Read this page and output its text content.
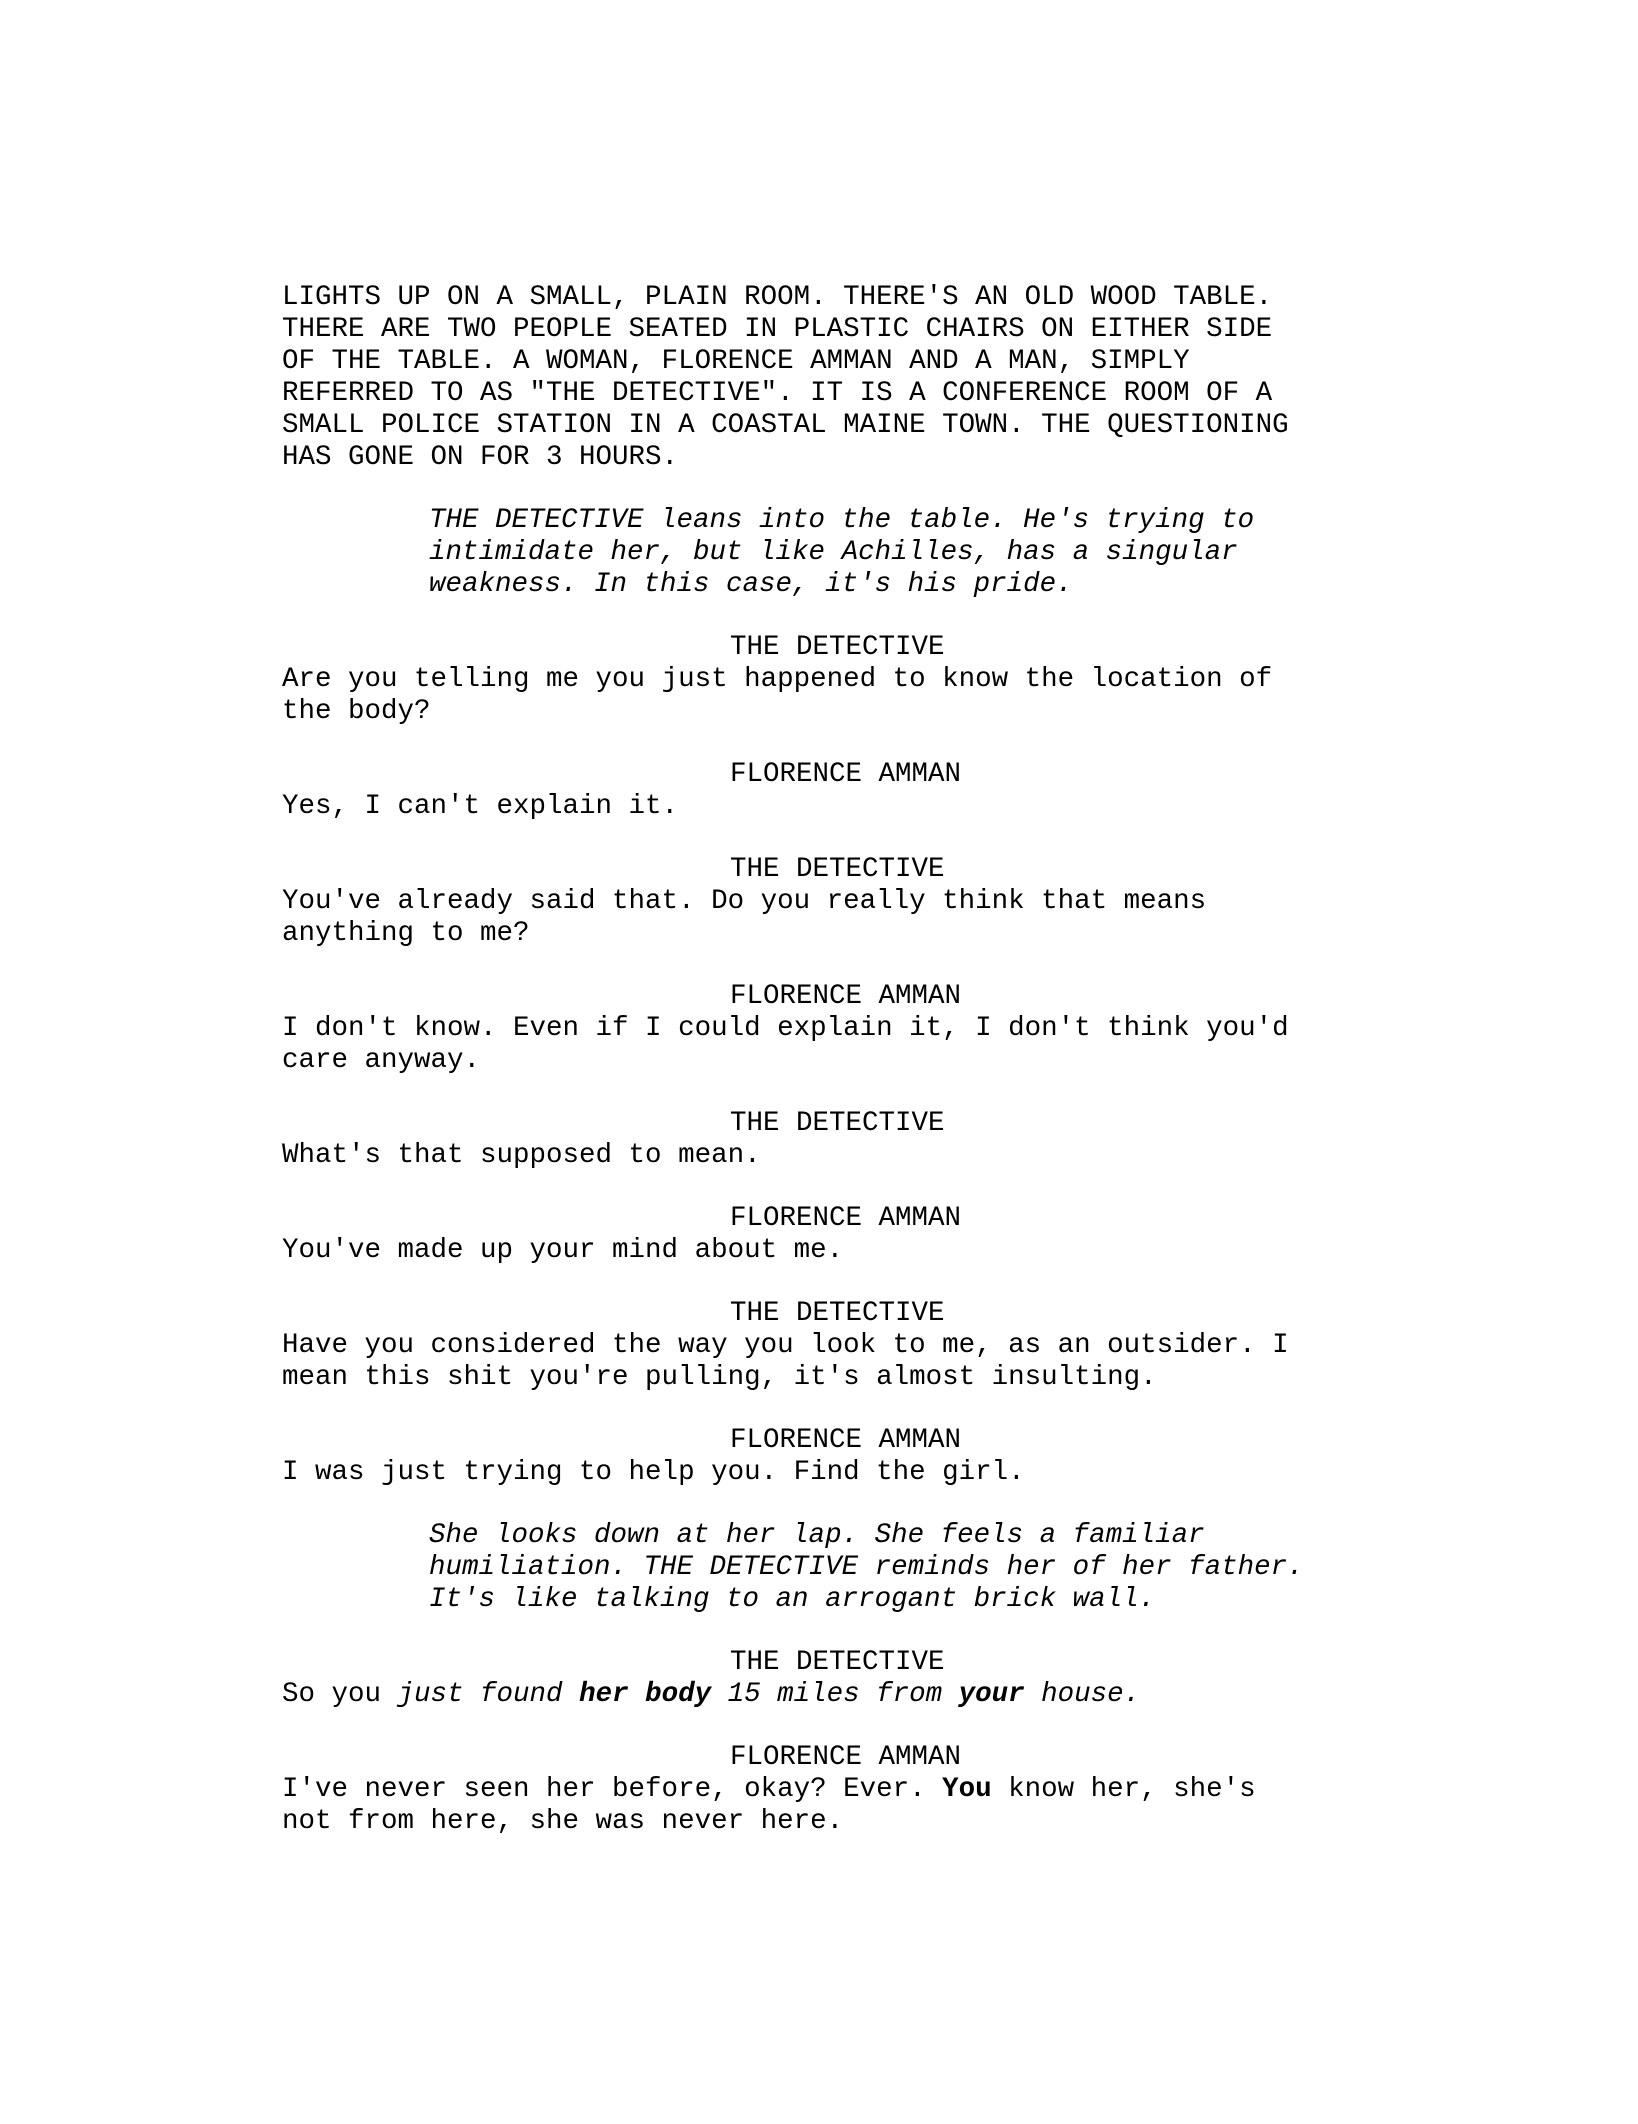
LIGHTS UP ON A SMALL, PLAIN ROOM. THERE'S AN OLD WOOD TABLE.

THERE ARE TWO PEOPLE SEATED IN PLASTIC CHAIRS ON EITHER SIDE

OF THE TABLE. A WOMAN, FLORENCE AMMAN AND A MAN, SIMPLY

REFERRED TO AS "THE DETECTIVE". IT IS A CONFERENCE ROOM OF A

SMALL POLICE STATION IN A COASTAL MAINE TOWN. THE QUESTIONING

HAS GONE ON FOR 3 HOURS.

THE DETECTIVE leans into the table. He's trying to

intimidate her, but like Achilles, has a singular

weakness. In this case, it's his pride.

THE DETECTIVE

Are you telling me you just happened to know the location of

the body?

FLORENCE AMMAN

Yes, I can't explain it.

THE DETECTIVE

You've already said that. Do you really think that means

anything to me?

FLORENCE AMMAN

I don't know. Even if I could explain it, I don't think you'd

care anyway.

THE DETECTIVE

What's that supposed to mean.

FLORENCE AMMAN

You've made up your mind about me.

THE DETECTIVE

Have you considered the way you look to me, as an outsider. I

mean this shit you're pulling, it's almost insulting.

FLORENCE AMMAN

I was just trying to help you. Find the girl.

She looks down at her lap. She feels a familiar

humiliation. THE DETECTIVE reminds her of her father.

It's like talking to an arrogant brick wall.

THE DETECTIVE

So you just found her body 15 miles from your house.

FLORENCE AMMAN

I've never seen her before, okay? Ever. You know her, she's

not from here, she was never here.
